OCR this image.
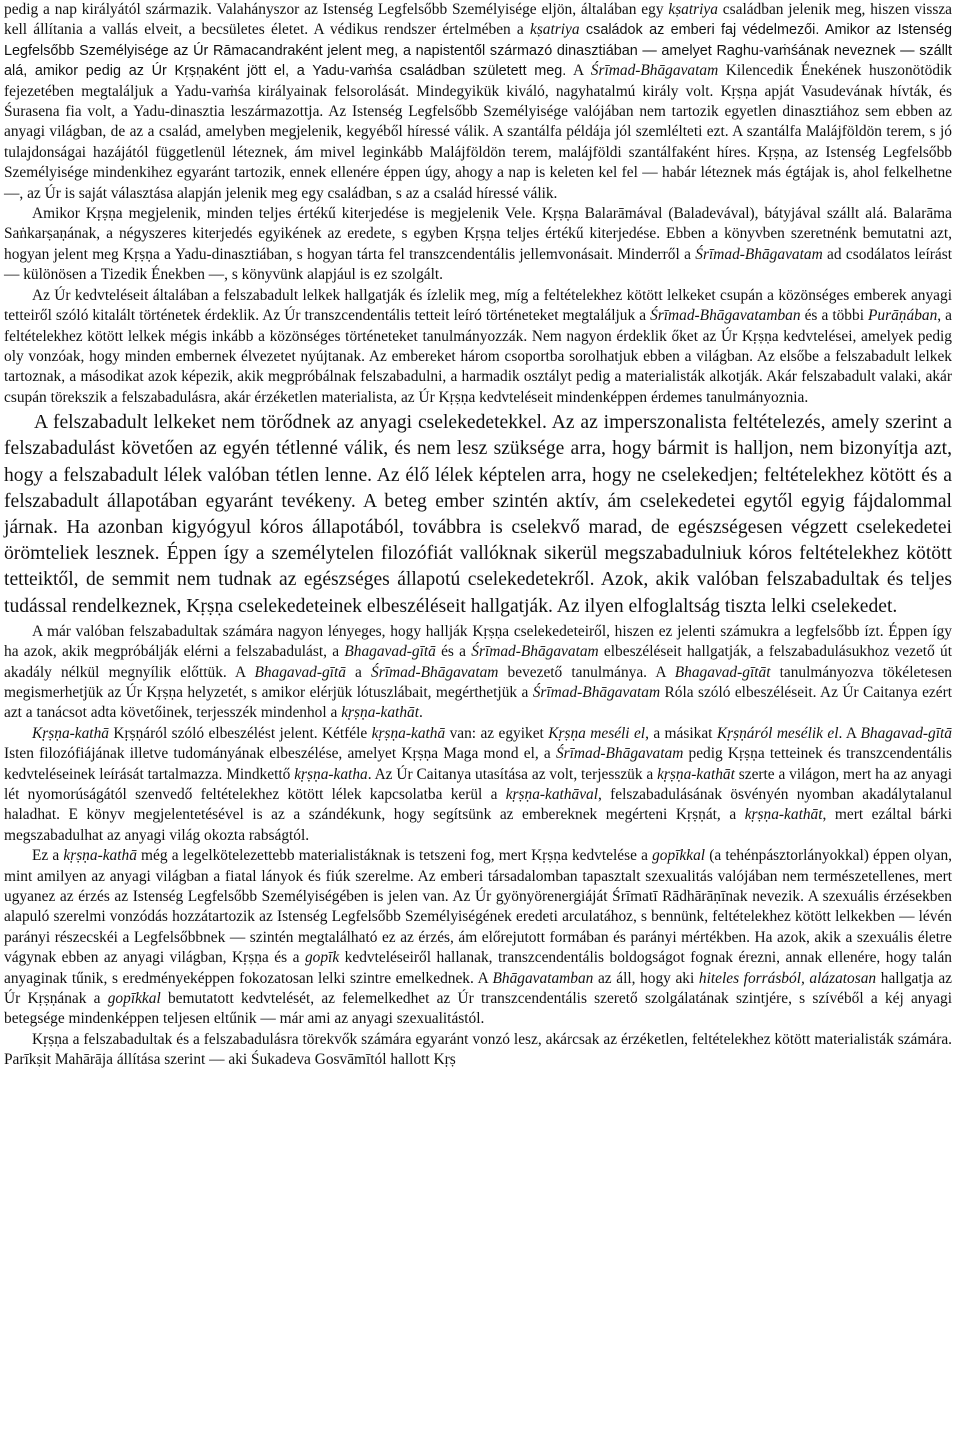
pedig a nap királyától származik. Valahányszor az Istenség Legfelsőbb Személyisége eljön, általában egy kṣatriya családban jelenik meg, hiszen vissza kell állítania a vallás elveit, a becsületes életet. A védikus rendszer értelmében a kṣatriya családok az emberi faj védelmezői. Amikor az Istenség Legfelsőbb Személyisége az Úr Rāmacandraként jelent meg, a napistentől származó dinasztiában — amelyet Raghu-vaṁśának neveznek — szállt alá, amikor pedig az Úr Kṛṣṇaként jött el, a Yadu-vaṁśa családban született meg. A Śrīmad-Bhāgavatam Kilencedik Énekének huszonötödik fejezetében megtaláljuk a Yadu-vaṁśa királyainak felsorolását. Mindegyikük kiváló, nagyhatalmú király volt. Kṛṣṇa apját Vasudevának hívták, és Śurasena fia volt, a Yadu-dinasztia leszármazottja. Az Istenség Legfelsőbb Személyisége valójában nem tartozik egyetlen dinasztiához sem ebben az anyagi világban, de az a család, amelyben megjelenik, kegyéből híressé válik. A szantálfa példája jól szemlélteti ezt. A szantálfa Malájföldön terem, s jó tulajdonságai hazájától függetlenül léteznek, ám mivel leginkább Malájföldön terem, malájföldi szantálfaként híres. Kṛṣṇa, az Istenség Legfelsőbb Személyisége mindenkihez egyaránt tartozik, ennek ellenére éppen úgy, ahogy a nap is keleten kel fel — habár léteznek más égtájak is, ahol felkelhetne —, az Úr is saját választása alapján jelenik meg egy családban, s az a család híressé válik.

Amikor Kṛṣṇa megjelenik, minden teljes értékű kiterjedése is megjelenik Vele. Kṛṣṇa Balarāmával (Baladevával), bátyjával szállt alá. Balarāma Saṅkarṣaṇának, a négyszeres kiterjedés egyikének az eredete, s egyben Kṛṣṇa teljes értékű kiterjedése. Ebben a könyvben szeretnénk bemutatni azt, hogyan jelent meg Kṛṣṇa a Yadu-dinasztiában, s hogyan tárta fel transzcendentális jellemvonásait. Minderről a Śrīmad-Bhāgavatam ad csodálatos leírást — különösen a Tizedik Énekben —, s könyvünk alapjául is ez szolgált.

Az Úr kedvteléseit általában a felszabadult lelkek hallgatják és ízlelik meg, míg a feltételekhez kötött lelkeket csupán a közönséges emberek anyagi tetteiről szóló kitalált történetek érdeklik. Az Úr transzcendentális tetteit leíró történeteket megtaláljuk a Śrīmad-Bhāgavatamban és a többi Purāṇában, a feltételekhez kötött lelkek mégis inkább a közönséges történeteket tanulmányozzák. Nem nagyon érdeklik őket az Úr Kṛṣṇa kedvtelései, amelyek pedig oly vonzóak, hogy minden embernek élvezetet nyújtanak. Az embereket három csoportba sorolhatjuk ebben a világban. Az elsőbe a felszabadult lelkek tartoznak, a másodikat azok képezik, akik megpróbálnak felszabadulni, a harmadik osztályt pedig a materialisták alkotják. Akár felszabadult valaki, akár csupán törekszik a felszabadulásra, akár érzéketlen materialista, az Úr Kṛṣṇa kedvteléseit mindenképpen érdemes tanulmányoznia.

A felszabadult lelkeket nem törődnek az anyagi cselekedetekkel. Az az imperszonalista feltételezés, amely szerint a felszabadulást követően az egyén tétlenné válik, és nem lesz szüksége arra, hogy bármit is halljon, nem bizonyítja azt, hogy a felszabadult lélek valóban tétlen lenne. Az élő lélek képtelen arra, hogy ne cselekedjen; feltételekhez kötött és a felszabadult állapotában egyaránt tevékeny. A beteg ember szintén aktív, ám cselekedetei egytől egyig fájdalommal járnak. Ha azonban kigyógyul kóros állapotából, továbbra is cselekvő marad, de egészségesen végzett cselekedetei örömteliek lesznek. Éppen így a személytelen filozófiát vallóknak sikerül megszabadulniuk kóros feltételekhez kötött tetteiktől, de semmit nem tudnak az egészséges állapotú cselekedetekről. Azok, akik valóban felszabadultak és teljes tudással rendelkeznek, Kṛṣṇa cselekedeteinek elbeszéléseit hallgatják. Az ilyen elfoglaltság tiszta lelki cselekedet.

A már valóban felszabadultak számára nagyon lényeges, hogy hallják Kṛṣṇa cselekedeteiről, hiszen ez jelenti számukra a legfelsőbb ízt. Éppen így ha azok, akik megpróbálják elérni a felszabadulást, a Bhagavad-gītā és a Śrīmad-Bhāgavatam elbeszéléseit hallgatják, a felszabadulásukhoz vezető út akadály nélkül megnyílik előttük. A Bhagavad-gītā a Śrīmad-Bhāgavatam bevezető tanulmánya. A Bhagavad-gītāt tanulmányozva tökéletesen megismerhetjük az Úr Kṛṣṇa helyzetét, s amikor elérjük lótuszlábait, megérthetjük a Śrīmad-Bhāgavatam Róla szóló elbeszéléseit. Az Úr Caitanya ezért azt a tanácsot adta követőinek, terjesszék mindenhol a kṛṣṇa-kathāt.

Kṛṣṇa-kathā Kṛṣṇáról szóló elbeszélést jelent. Kétféle kṛṣṇa-kathā van: az egyiket Kṛṣṇa meséli el, a másikat Kṛṣṇáról mesélik el. A Bhagavad-gītā Isten filozófiájának illetve tudományának elbeszélése, amelyet Kṛṣṇa Maga mond el, a Śrīmad-Bhāgavatam pedig Kṛṣṇa tetteinek és transzcendentális kedvteléseinek leírását tartalmazza. Mindkettő kṛṣṇa-katha. Az Úr Caitanya utasítása az volt, terjesszük a kṛṣṇa-kathāt szerte a világon, mert ha az anyagi lét nyomorúságától szenvedő feltételekhez kötött lélek kapcsolatba kerül a kṛṣṇa-kathāval, felszabadulásának ösvényén nyomban akadálytalanul haladhat. E könyv megjelentetésével is az a szándékunk, hogy segítsünk az embereknek megérteni Kṛṣṇát, a kṛṣṇa-kathāt, mert ezáltal bárki megszabadulhat az anyagi világ okozta rabságtól.

Ez a kṛṣṇa-kathā még a legelkötelezettebb materialistáknak is tetszeni fog, mert Kṛṣṇa kedvtelése a gopīkkal (a tehénpásztorlányokkal) éppen olyan, mint amilyen az anyagi világban a fiatal lányok és fiúk szerelme. Az emberi társadalomban tapasztalt szexualitás valójában nem természetellenes, mert ugyanez az érzés az Istenség Legfelsőbb Személyiségében is jelen van. Az Úr gyönyörenergiáját Śrīmatī Rādhārāṇīnak nevezik. A szexuális érzésekben alapuló szerelmi vonzódás hozzátartozik az Istenség Legfelsőbb Személyiségének eredeti arculatához, s bennünk, feltételekhez kötött lelkekben — lévén parányi részecskéi a Legfelsőbbnek — szintén megtalálható ez az érzés, ám előrejutott formában és parányi mértékben. Ha azok, akik a szexuális életre vágynak ebben az anyagi világban, Kṛṣṇa és a gopīk kedvteléseiről hallanak, transzcendentális boldogságot fognak érezni, annak ellenére, hogy talán anyaginak tűnik, s eredményeképpen fokozatosan lelki szintre emelkednek. A Bhāgavatamban az áll, hogy aki hiteles forrásból, alázatosan hallgatja az Úr Kṛṣṇának a gopīkkal bemutatott kedvtelését, az felemelkedhet az Úr transzcendentális szerető szolgálatának szintjére, s szívéből a kéj anyagi betegsége mindenképpen teljesen eltűnik — már ami az anyagi szexualitástól.

Kṛṣṇa a felszabadultak és a felszabadulásra törekvők számára egyaránt vonzó lesz, akárcsak az érzéketlen, feltételekhez kötött materialisták számára. Parīkṣit Mahārāja állítása szerint — aki Śukadeva Gosvāmītól hallott Kṛṣ
